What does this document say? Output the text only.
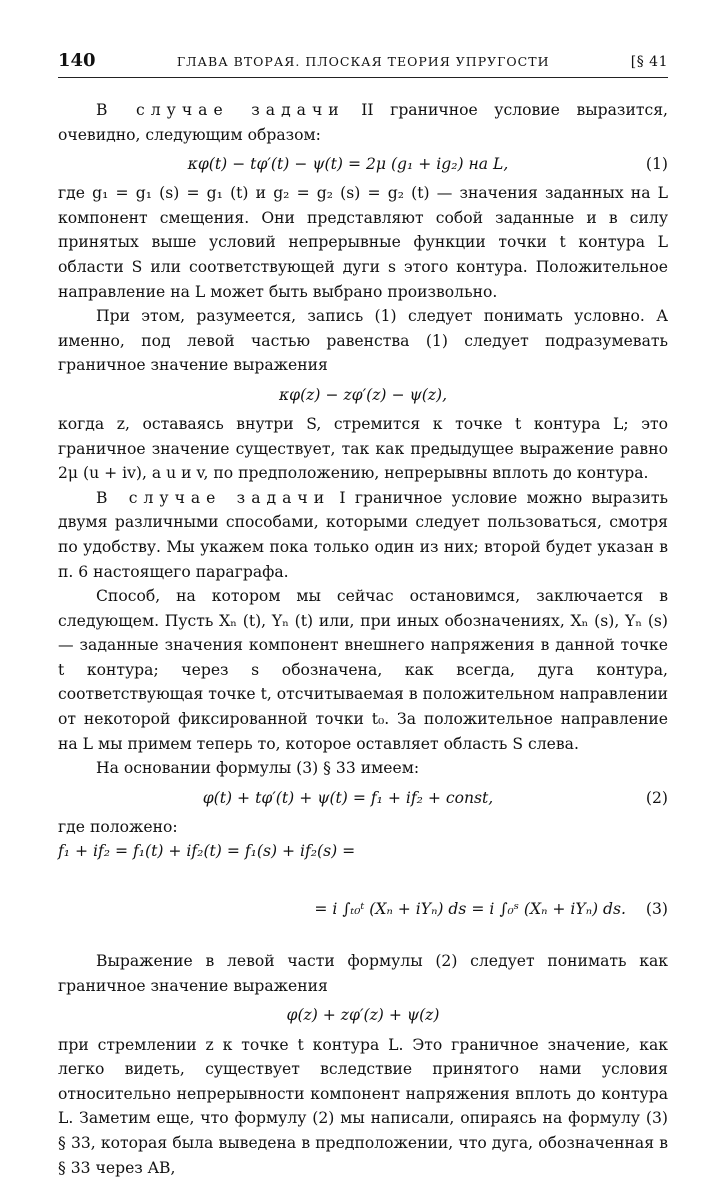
140	ГЛАВА ВТОРАЯ. ПЛОСКАЯ ТЕОРИЯ УПРУГОСТИ	[§ 41

В случае задачи II граничное условие выразится, очевидно, следующим образом:

κφ(t) − tφ′(t) − ψ(t) = 2μ (g₁ + ig₂) на L,	(1)

где g₁ = g₁ (s) = g₁ (t) и g₂ = g₂ (s) = g₂ (t) — значения заданных на L компонент смещения. Они представляют собой заданные и в силу принятых выше условий непрерывные функции точки t контура L области S или соответствующей дуги s этого контура. Положительное направление на L может быть выбрано произвольно.

При этом, разумеется, запись (1) следует понимать условно. А именно, под левой частью равенства (1) следует подразумевать граничное значение выражения

κφ(z) − zφ′(z) − ψ(z),

когда z, оставаясь внутри S, стремится к точке t контура L; это граничное значение существует, так как предыдущее выражение равно 2μ (u + iv), а u и v, по предположению, непрерывны вплоть до контура.

В случае задачи I граничное условие можно выразить двумя различными способами, которыми следует пользоваться, смотря по удобству. Мы укажем пока только один из них; второй будет указан в п. 6 настоящего параграфа.

Способ, на котором мы сейчас остановимся, заключается в следующем. Пусть Xₙ (t), Yₙ (t) или, при иных обозначениях, Xₙ (s), Yₙ (s) — заданные значения компонент внешнего напряжения в данной точке t контура; через s обозначена, как всегда, дуга контура, соответствующая точке t, отсчитываемая в положительном направлении от некоторой фиксированной точки t₀. За положительное направление на L мы примем теперь то, которое оставляет область S слева.

На основании формулы (3) § 33 имеем:

φ(t) + tφ′(t) + ψ(t) = f₁ + if₂ + const,	(2)

где положено:

f₁ + if₂ = f₁(t) + if₂(t) = f₁(s) + if₂(s) =
= i ∫ₜ₀ᵗ (Xₙ + iYₙ) ds = i ∫₀ˢ (Xₙ + iYₙ) ds.	(3)

Выражение в левой части формулы (2) следует понимать как граничное значение выражения

φ(z) + zφ′(z) + ψ(z)

при стремлении z к точке t контура L. Это граничное значение, как легко видеть, существует вследствие принятого нами условия относительно непрерывности компонент напряжения вплоть до контура L. Заметим еще, что формулу (2) мы написали, опираясь на формулу (3) § 33, которая была выведена в предположении, что дуга, обозначенная в § 33 через AB,
